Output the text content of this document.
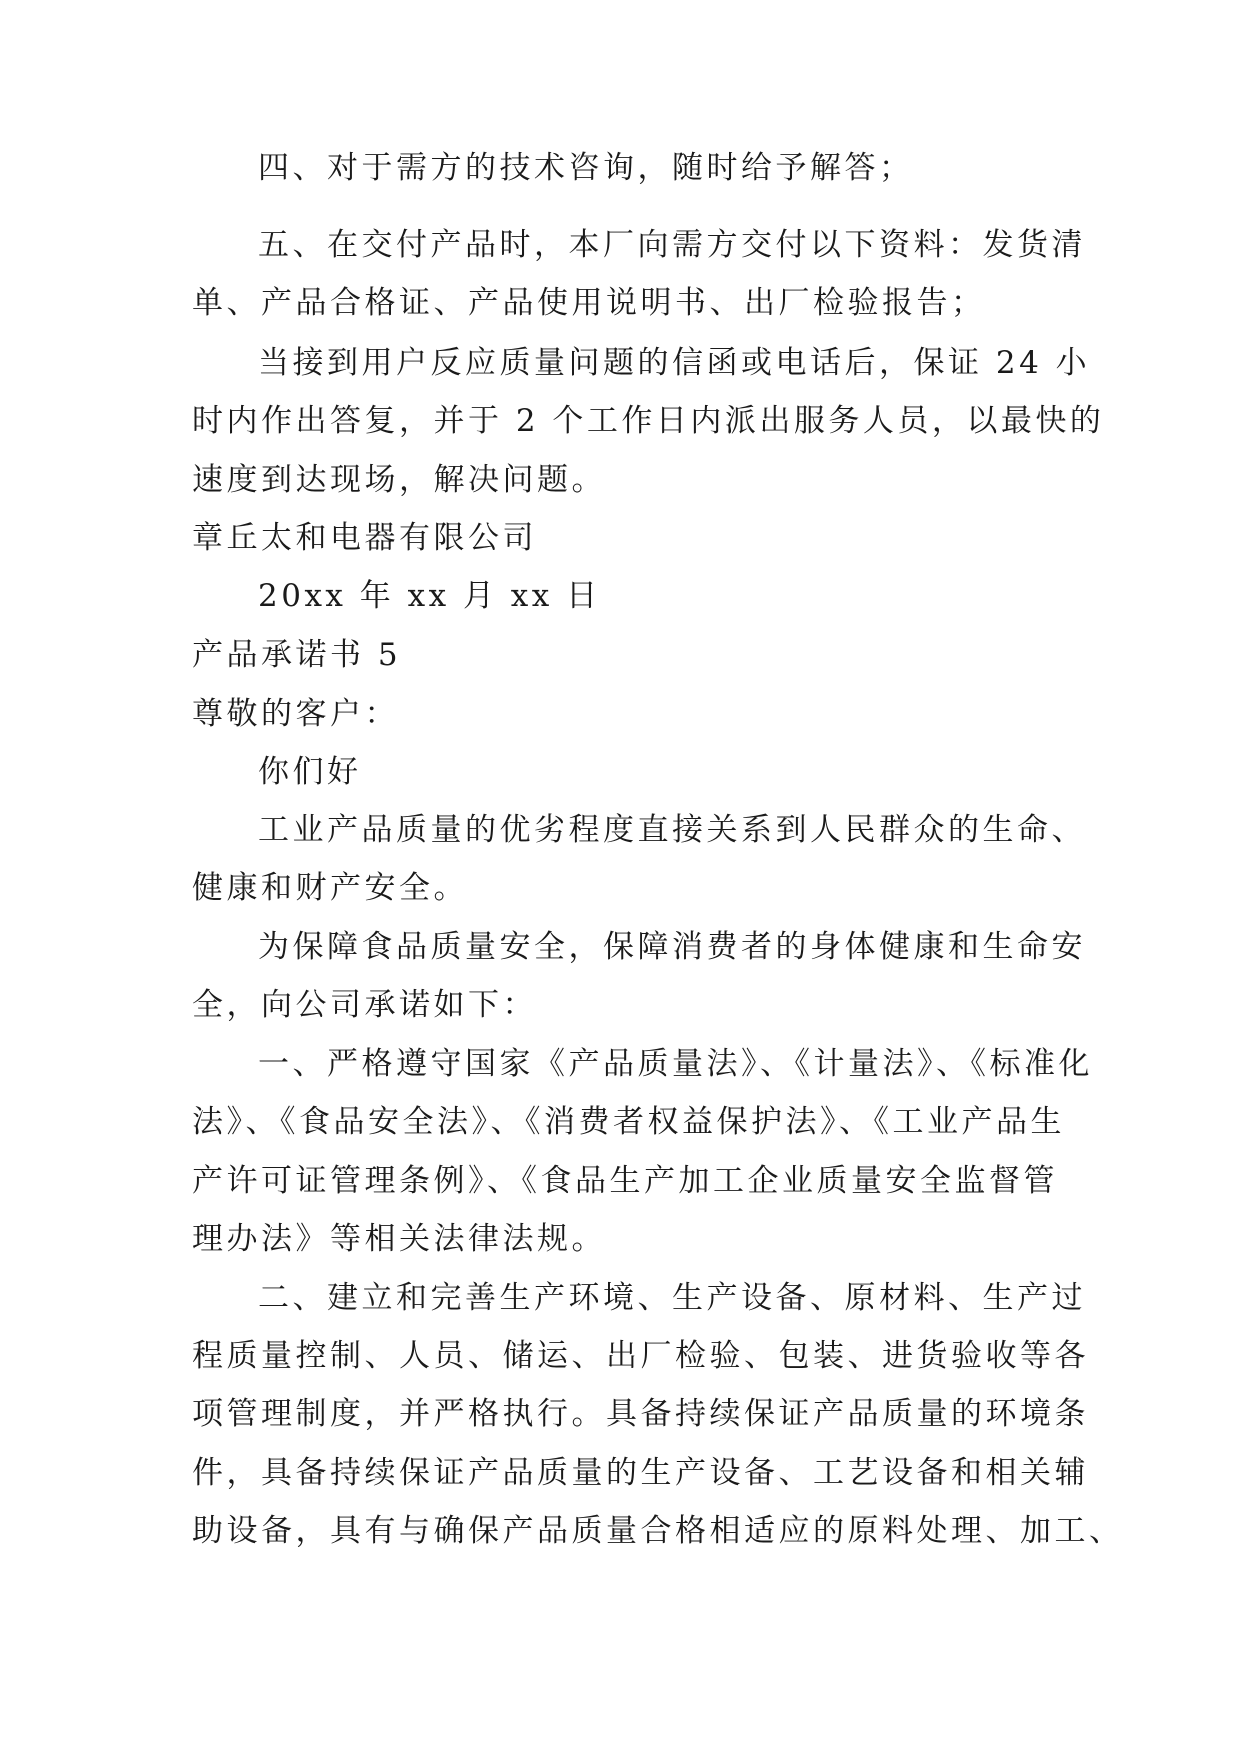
四、对于需方的技术咨询，随时给予解答；
五、在交付产品时，本厂向需方交付以下资料：发货清
单、产品合格证、产品使用说明书、出厂检验报告；
当接到用户反应质量问题的信函或电话后，保证 24 小
时内作出答复，并于 2 个工作日内派出服务人员，以最快的
速度到达现场，解决问题。
章丘太和电器有限公司
20xx 年 xx 月 xx 日
产品承诺书 5
尊敬的客户：
你们好
工业产品质量的优劣程度直接关系到人民群众的生命、
健康和财产安全。
为保障食品质量安全，保障消费者的身体健康和生命安
全，向公司承诺如下：
一、严格遵守国家《产品质量法》、《计量法》、《标准化
法》、《食品安全法》、《消费者权益保护法》、《工业产品生
产许可证管理条例》、《食品生产加工企业质量安全监督管
理办法》等相关法律法规。
二、建立和完善生产环境、生产设备、原材料、生产过
程质量控制、人员、储运、出厂检验、包装、进货验收等各
项管理制度，并严格执行。具备持续保证产品质量的环境条
件，具备持续保证产品质量的生产设备、工艺设备和相关辅
助设备，具有与确保产品质量合格相适应的原料处理、加工、
